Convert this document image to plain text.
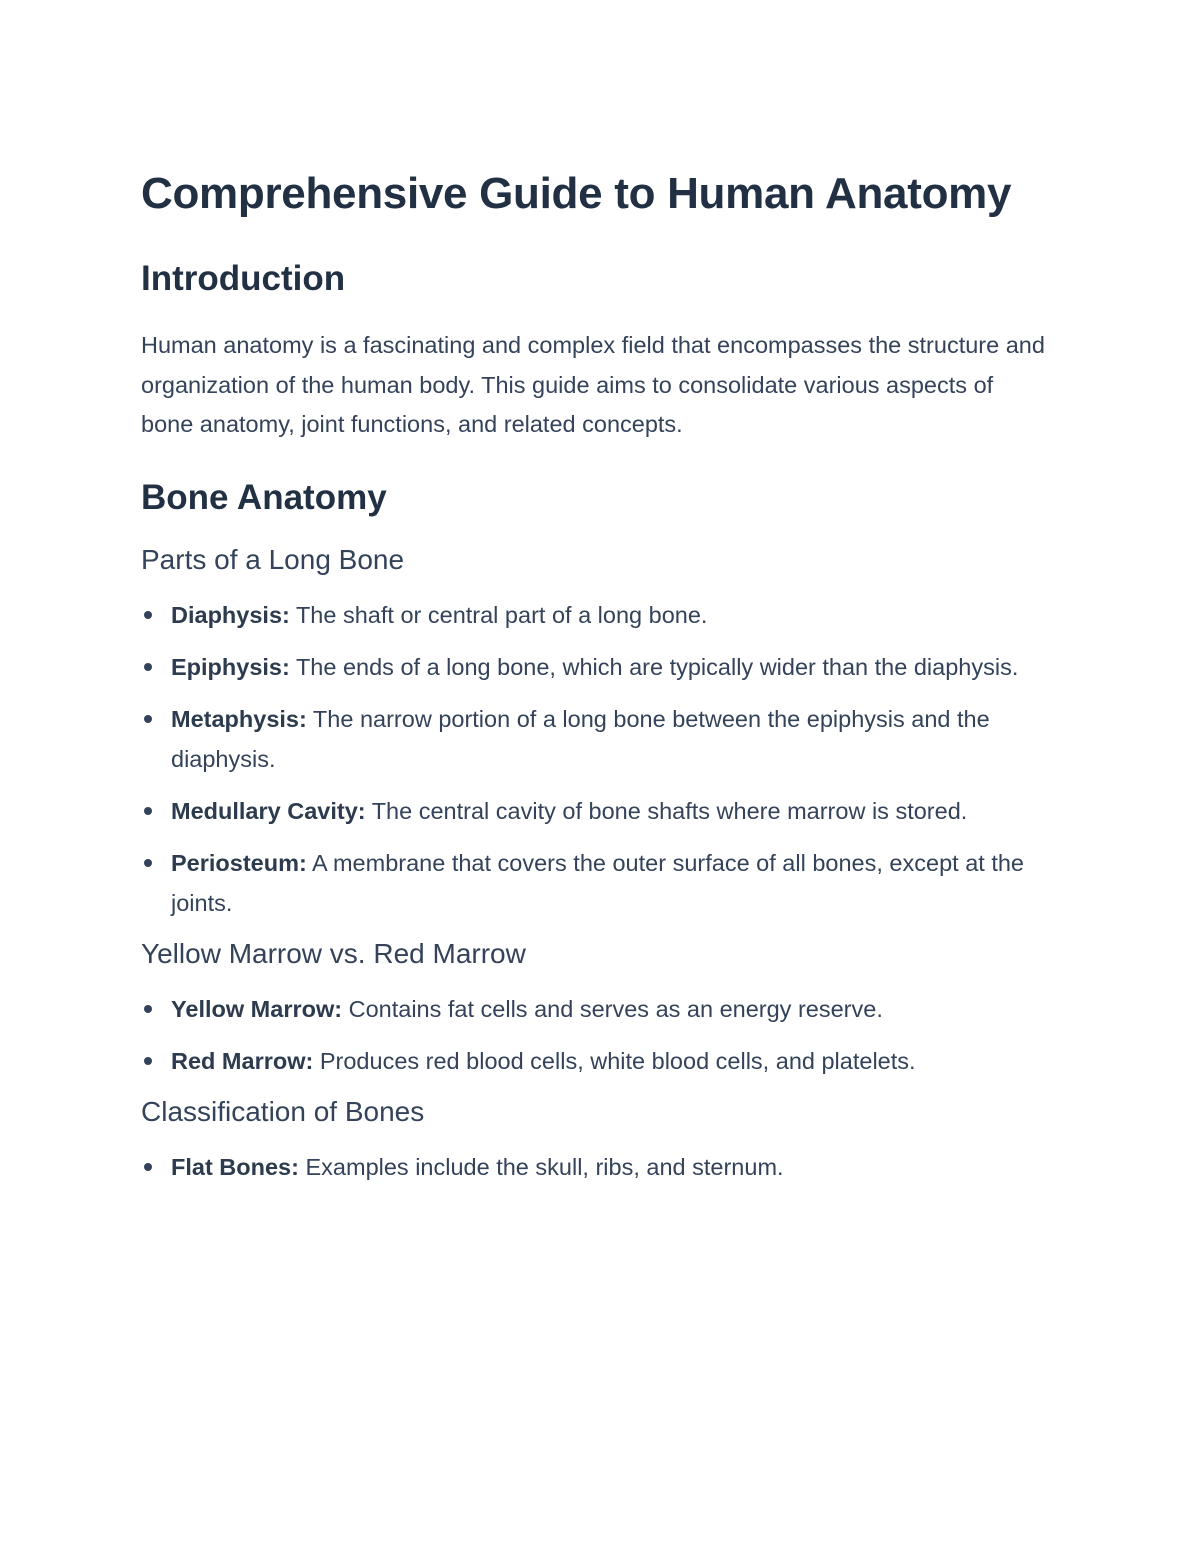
Comprehensive Guide to Human Anatomy
Introduction

Human anatomy is a fascinating and complex field that encompasses the structure and organization of the human body. This guide aims to consolidate various aspects of bone anatomy, joint functions, and related concepts.

Bone Anatomy
Parts of a Long Bone
Diaphysis: The shaft or central part of a long bone.
Epiphysis: The ends of a long bone, which are typically wider than the diaphysis.
Metaphysis: The narrow portion of a long bone between the epiphysis and the diaphysis.
Medullary Cavity: The central cavity of bone shafts where marrow is stored.
Periosteum: A membrane that covers the outer surface of all bones, except at the joints.
Yellow Marrow vs. Red Marrow
Yellow Marrow: Contains fat cells and serves as an energy reserve.
Red Marrow: Produces red blood cells, white blood cells, and platelets.
Classification of Bones
Flat Bones: Examples include the skull, ribs, and sternum.
